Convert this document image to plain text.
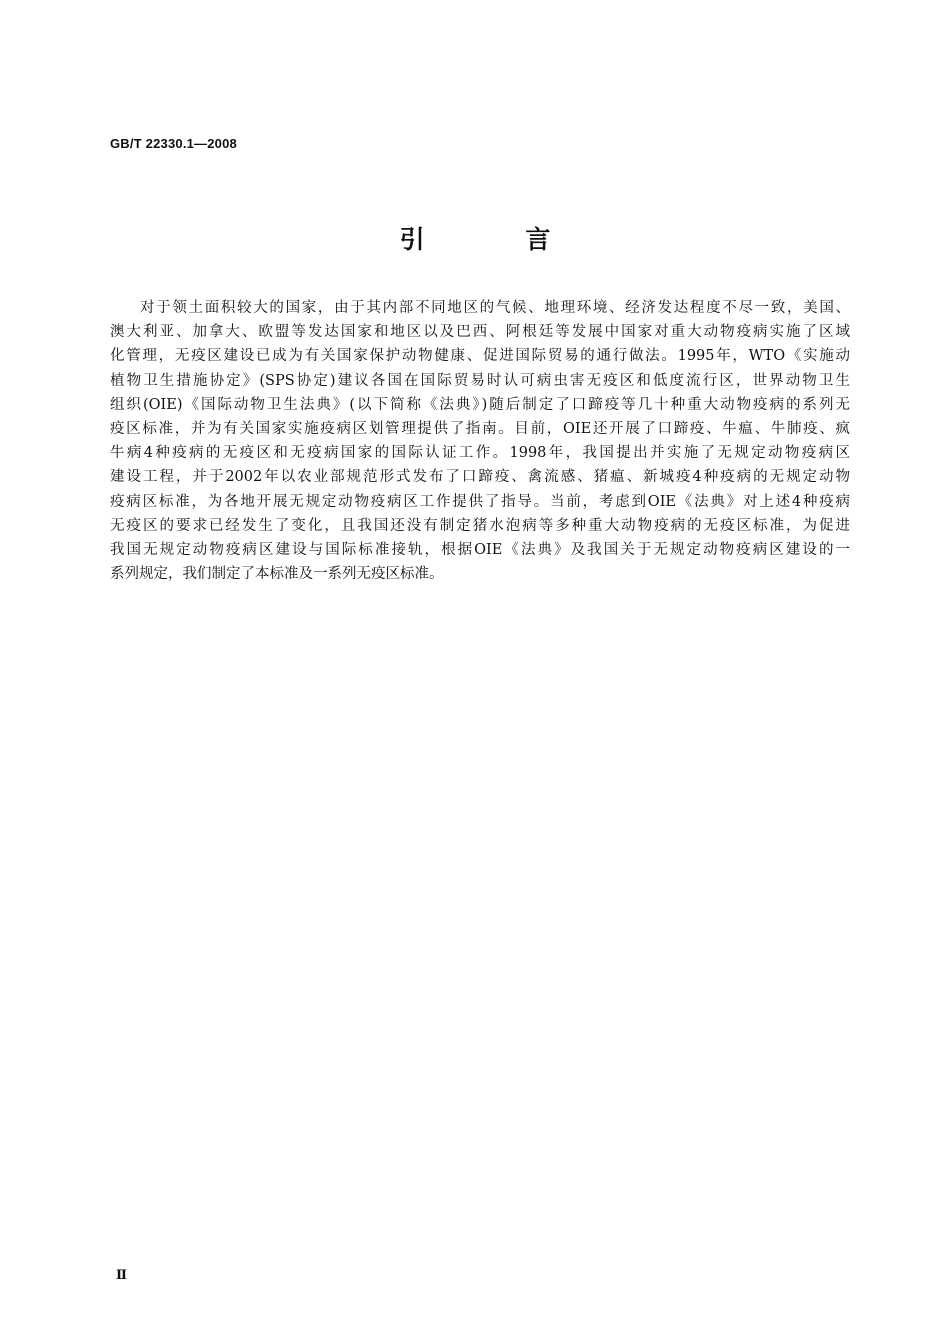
GB/T 22330.1—2008
引 言
对于领土面积较大的国家，由于其内部不同地区的气候、地理环境、经济发达程度不尽一致，美国、
澳大利亚、加拿大、欧盟等发达国家和地区以及巴西、阿根廷等发展中国家对重大动物疫病实施了区域
化管理，无疫区建设已成为有关国家保护动物健康、促进国际贸易的通行做法。1995年，WTO《实施动
植物卫生措施协定》(SPS协定)建议各国在国际贸易时认可病虫害无疫区和低度流行区，世界动物卫生
组织(OIE)《国际动物卫生法典》(以下简称《法典》)随后制定了口蹄疫等几十种重大动物疫病的系列无
疫区标准，并为有关国家实施疫病区划管理提供了指南。目前，OIE还开展了口蹄疫、牛瘟、牛肺疫、疯
牛病4种疫病的无疫区和无疫病国家的国际认证工作。1998年，我国提出并实施了无规定动物疫病区
建设工程，并于2002年以农业部规范形式发布了口蹄疫、禽流感、猪瘟、新城疫4种疫病的无规定动物
疫病区标准，为各地开展无规定动物疫病区工作提供了指导。当前，考虑到OIE《法典》对上述4种疫病
无疫区的要求已经发生了变化，且我国还没有制定猪水泡病等多种重大动物疫病的无疫区标准，为促进
我国无规定动物疫病区建设与国际标准接轨，根据OIE《法典》及我国关于无规定动物疫病区建设的一
系列规定，我们制定了本标准及一系列无疫区标准。
Ⅱ
